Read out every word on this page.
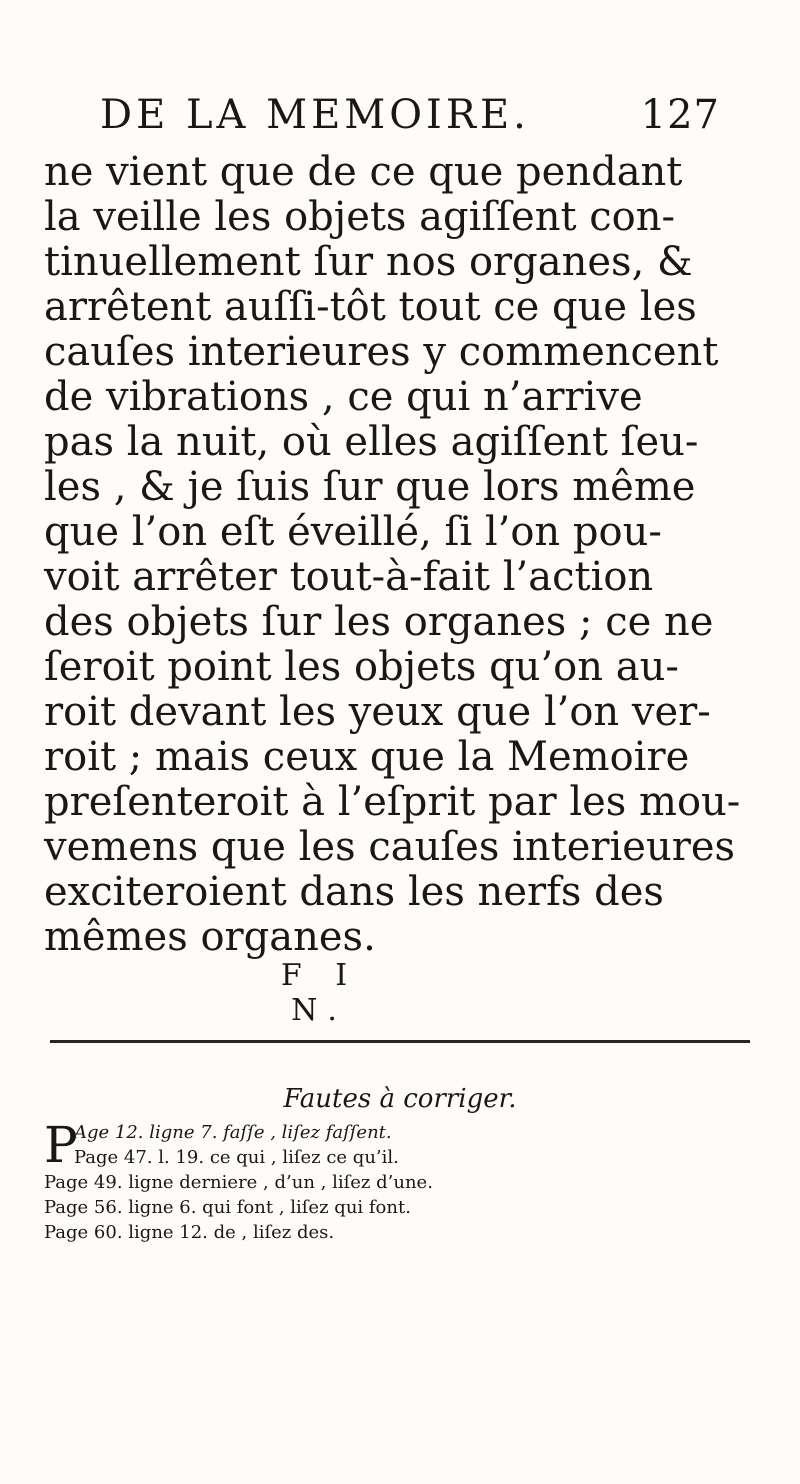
DE LA MEMOIRE.	127
ne vient que de ce que pendant
la veille les objets agiſſent con-
tinuellement ſur nos organes, &
arrêtent auſſi-tôt tout ce que les
cauſes interieures y commencent
de vibrations , ce qui n’arrive
pas la nuit, où elles agiſſent ſeu-
les , & je ſuis ſur que lors même
que l’on eſt éveillé, ſi l’on pou-
voit arrêter tout-à-fait l’action
des objets ſur les organes ; ce ne
ſeroit point les objets qu’on au-
roit devant les yeux que l’on ver-
roit ; mais ceux que la Memoire
preſenteroit à l’eſprit par les mou-
vemens que les cauſes interieures
exciteroient dans les nerfs des
mêmes organes.
F I N.
Fautes à corriger.
P
Age 12. ligne 7. faſſe , liſez faſſent.
Page 47. l. 19. ce qui , liſez ce qu’il.
Page 49. ligne derniere , d’un , liſez d’une.
Page 56. ligne 6. qui font , liſez qui font.
Page 60. ligne 12. de , liſez des.
